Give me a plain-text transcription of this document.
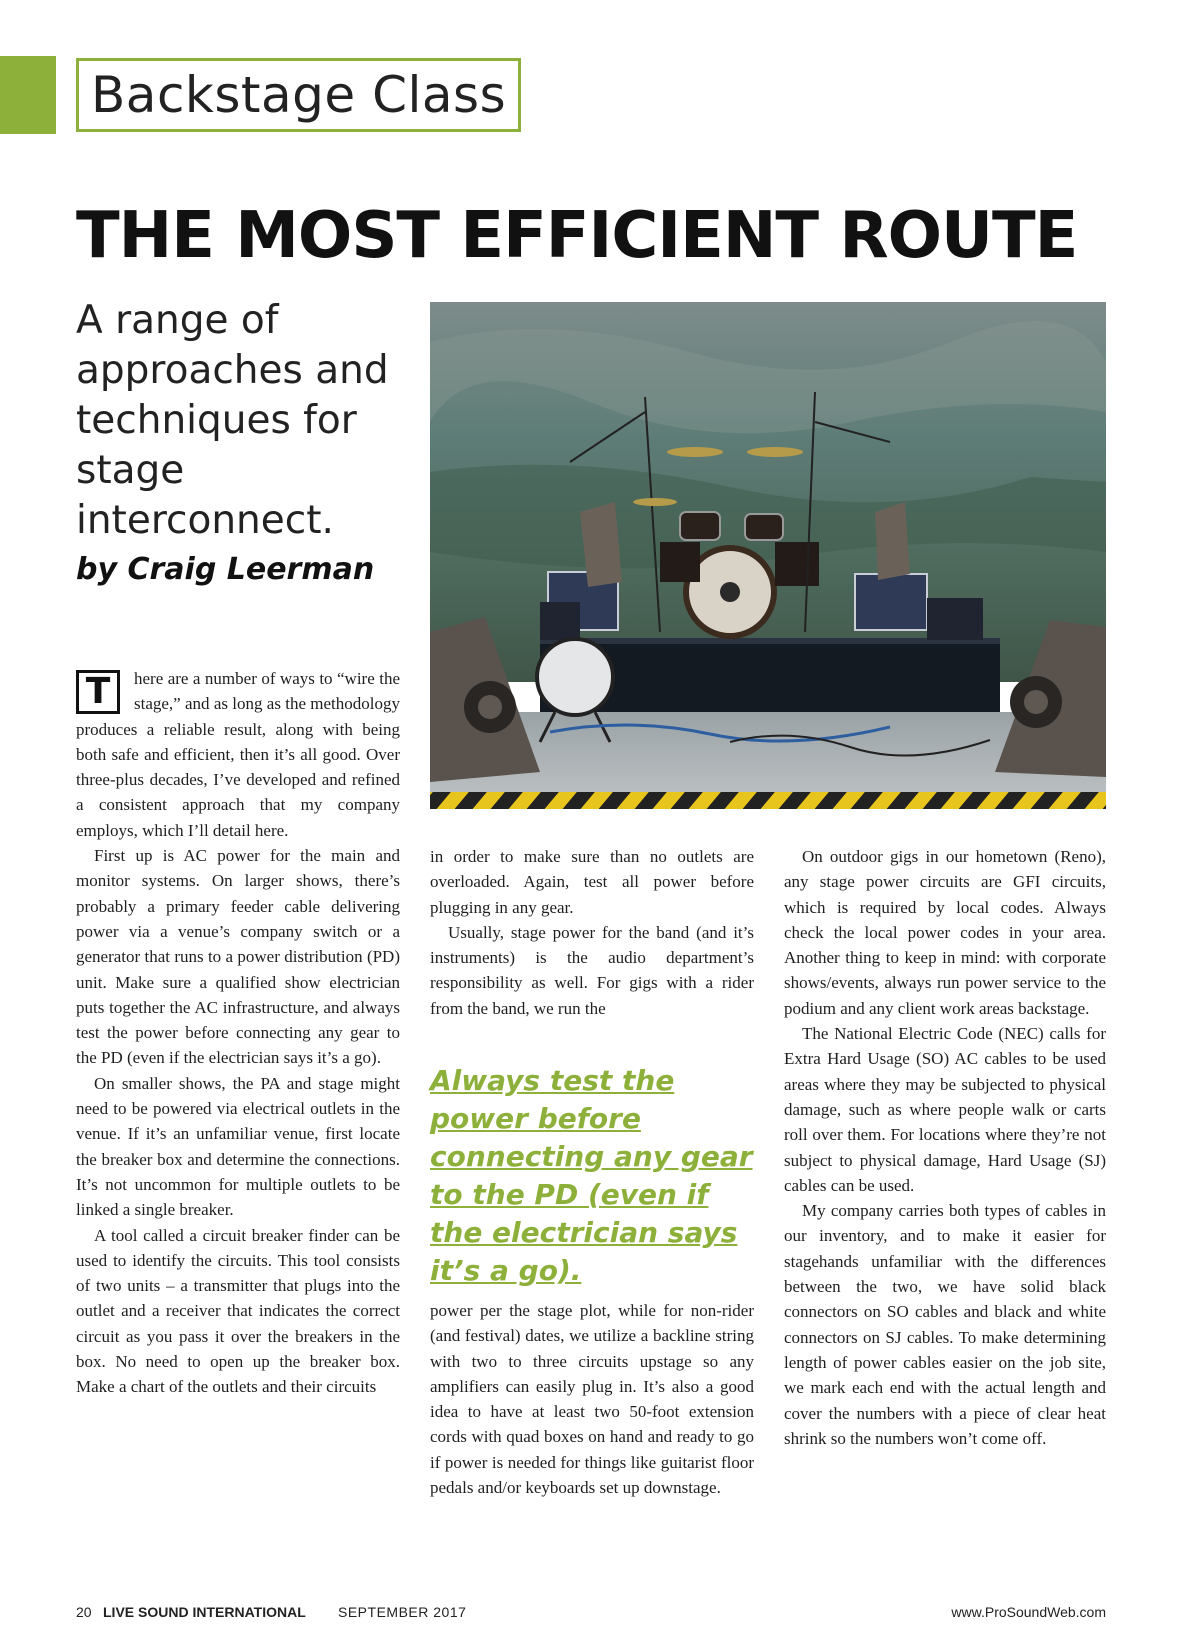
Backstage Class
THE MOST EFFICIENT ROUTE

A range of approaches and techniques for stage interconnect.

by Craig Leerman

T	here are a number of ways to “wire the stage,” and as long as the methodology produces a reliable result, along with being both safe and efficient, then it’s all good. Over three-plus decades, I’ve developed and refined a consistent approach that my company employs, which I’ll detail here.

First up is AC power for the main and monitor systems. On larger shows, there’s probably a primary feeder cable delivering power via a venue’s company switch or a generator that runs to a power distribution (PD) unit. Make sure a qualified show electrician puts together the AC infrastructure, and always test the power before connecting any gear to the PD (even if the electrician says it’s a go).

On smaller shows, the PA and stage might need to be powered via electrical outlets in the venue. If it’s an unfamiliar venue, first locate the breaker box and determine the connections. It’s not uncommon for multiple outlets to be linked a single breaker.

A tool called a circuit breaker finder can be used to identify the circuits. This tool consists of two units – a transmitter that plugs into the outlet and a receiver that indicates the correct circuit as you pass it over the breakers in the box. No need to open up the breaker box. Make a chart of the outlets and their circuits

in order to make sure than no outlets are overloaded. Again, test all power before plugging in any gear.

Usually, stage power for the band (and it’s instruments) is the audio department’s responsibility as well. For gigs with a rider from the band, we run the

Always test the power before connecting any gear to the PD (even if the electrician says it’s a go).

power per the stage plot, while for non-rider (and festival) dates, we utilize a backline string with two to three circuits upstage so any amplifiers can easily plug in. It’s also a good idea to have at least two 50-foot extension cords with quad boxes on hand and ready to go if power is needed for things like guitarist floor pedals and/or keyboards set up downstage.

On outdoor gigs in our hometown (Reno), any stage power circuits are GFI circuits, which is required by local codes. Always check the local power codes in your area. Another thing to keep in mind: with corporate shows/events, always run power service to the podium and any client work areas backstage.

The National Electric Code (NEC) calls for Extra Hard Usage (SO) AC cables to be used areas where they may be subjected to physical damage, such as where people walk or carts roll over them. For locations where they’re not subject to physical damage, Hard Usage (SJ) cables can be used.

My company carries both types of cables in our inventory, and to make it easier for stagehands unfamiliar with the differences between the two, we have solid black connectors on SO cables and black and white connectors on SJ cables. To make determining length of power cables easier on the job site, we mark each end with the actual length and cover the numbers with a piece of clear heat shrink so the numbers won’t come off.

20 LIVE SOUND INTERNATIONAL SEPTEMBER 2017	www.ProSoundWeb.com
